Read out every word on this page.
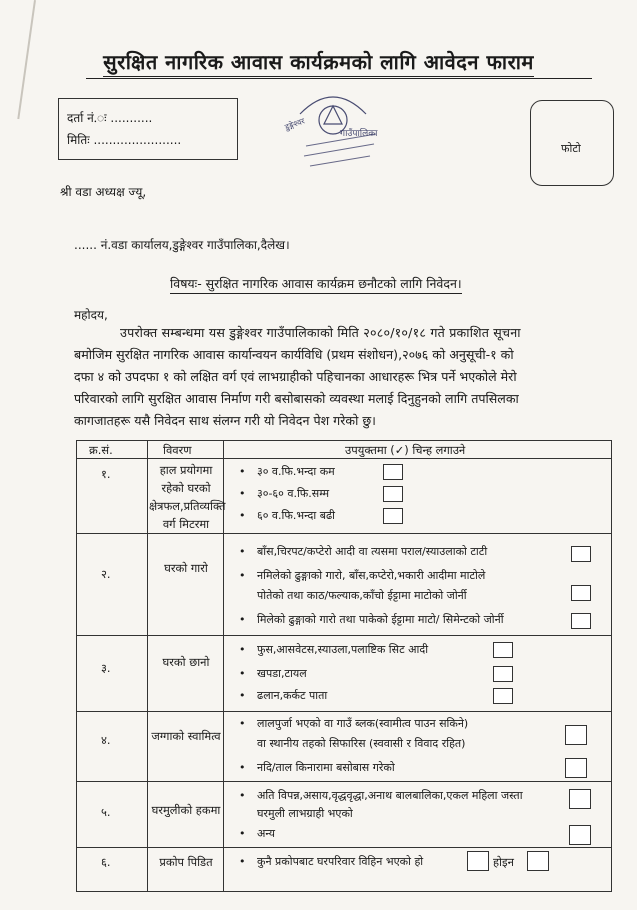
सुरक्षित नागरिक आवास कार्यक्रमको लागि आवेदन फाराम
दर्ता नं.ः ...........
मितिः .......................
डुङ्गेश्वर
गाउँपालिका
गाउँकार्यपालिकाको कार्यालय, दैलेख कर्णाली प्रदेश, नेपाल
फोटो
श्री वडा अध्यक्ष ज्यू,
...... नं.वडा कार्यालय,डुङ्गेश्वर गाउँपालिका,दैलेख।
विषयः- सुरक्षित नागरिक आवास कार्यक्रम छनौटको लागि निवेदन।
महोदय,
उपरोक्त सम्बन्धमा यस डुङ्गेश्वर गाउँपालिकाको मिति २०८०/१०/१८ गते प्रकाशित सूचना
बमोजिम सुरक्षित नागरिक आवास कार्यान्वयन कार्यविधि (प्रथम संशोधन),२०७६ को अनुसूची-१ को
दफा ४ को उपदफा १ को लक्षित वर्ग एवं लाभग्राहीको पहिचानका आधारहरू भित्र पर्ने भएकोले मेरो
परिवारको लागि सुरक्षित आवास निर्माण गरी बसोबासको व्यवस्था मलाई दिनुहुनको लागि तपसिलका
कागजातहरू यसै निवेदन साथ संलग्न गरी यो निवेदन पेश गरेको छु।
क्र.सं.	विवरण	उपयुक्तमा (✓) चिन्ह लगाउने
१.	हाल प्रयोगमा रहेको घरको क्षेत्रफल,प्रतिव्यक्ति वर्ग मिटरमा
• ३० व.फि.भन्दा कम
• ३०-६० व.फि.सम्म
• ६० व.फि.भन्दा बढी
२.	घरको गारो
• बाँस,चिरपट/कप्टेरो आदी वा त्यसमा पराल/स्याउलाको टाटी
• नमिलेको ढुङ्गाको गारो, बाँस,कप्टेरो,भकारी आदीमा माटोले
पोतेको तथा काठ/फल्याक,काँचो ईट्टामा माटोको जोर्नी
• मिलेको ढुङ्गाको गारो तथा पाकेको ईट्टामा माटो/ सिमेन्टको जोर्नी
३.	घरको छानो
• फुस,आसवेटस,स्याउला,पलाष्टिक सिट आदी
• खपडा,टायल
• ढलान,कर्कट पाता
४.	जग्गाको स्वामित्व
• लालपुर्जा भएको वा गाउँ ब्लक(स्वामीत्व पाउन सकिने)
वा स्थानीय तहको सिफारिस (स्ववासी र विवाद रहित)
• नदि/ताल किनारामा बसोबास गरेको
५.	घरमुलीको हकमा
• अति विपन्न,असाय,वृद्धवृद्धा,अनाथ बालबालिका,एकल महिला जस्ता
घरमुली लाभग्राही भएको
• अन्य
६.	प्रकोप पिडित
•	कुनै प्रकोपबाट घरपरिवार विहिन भएको हो	होइन
